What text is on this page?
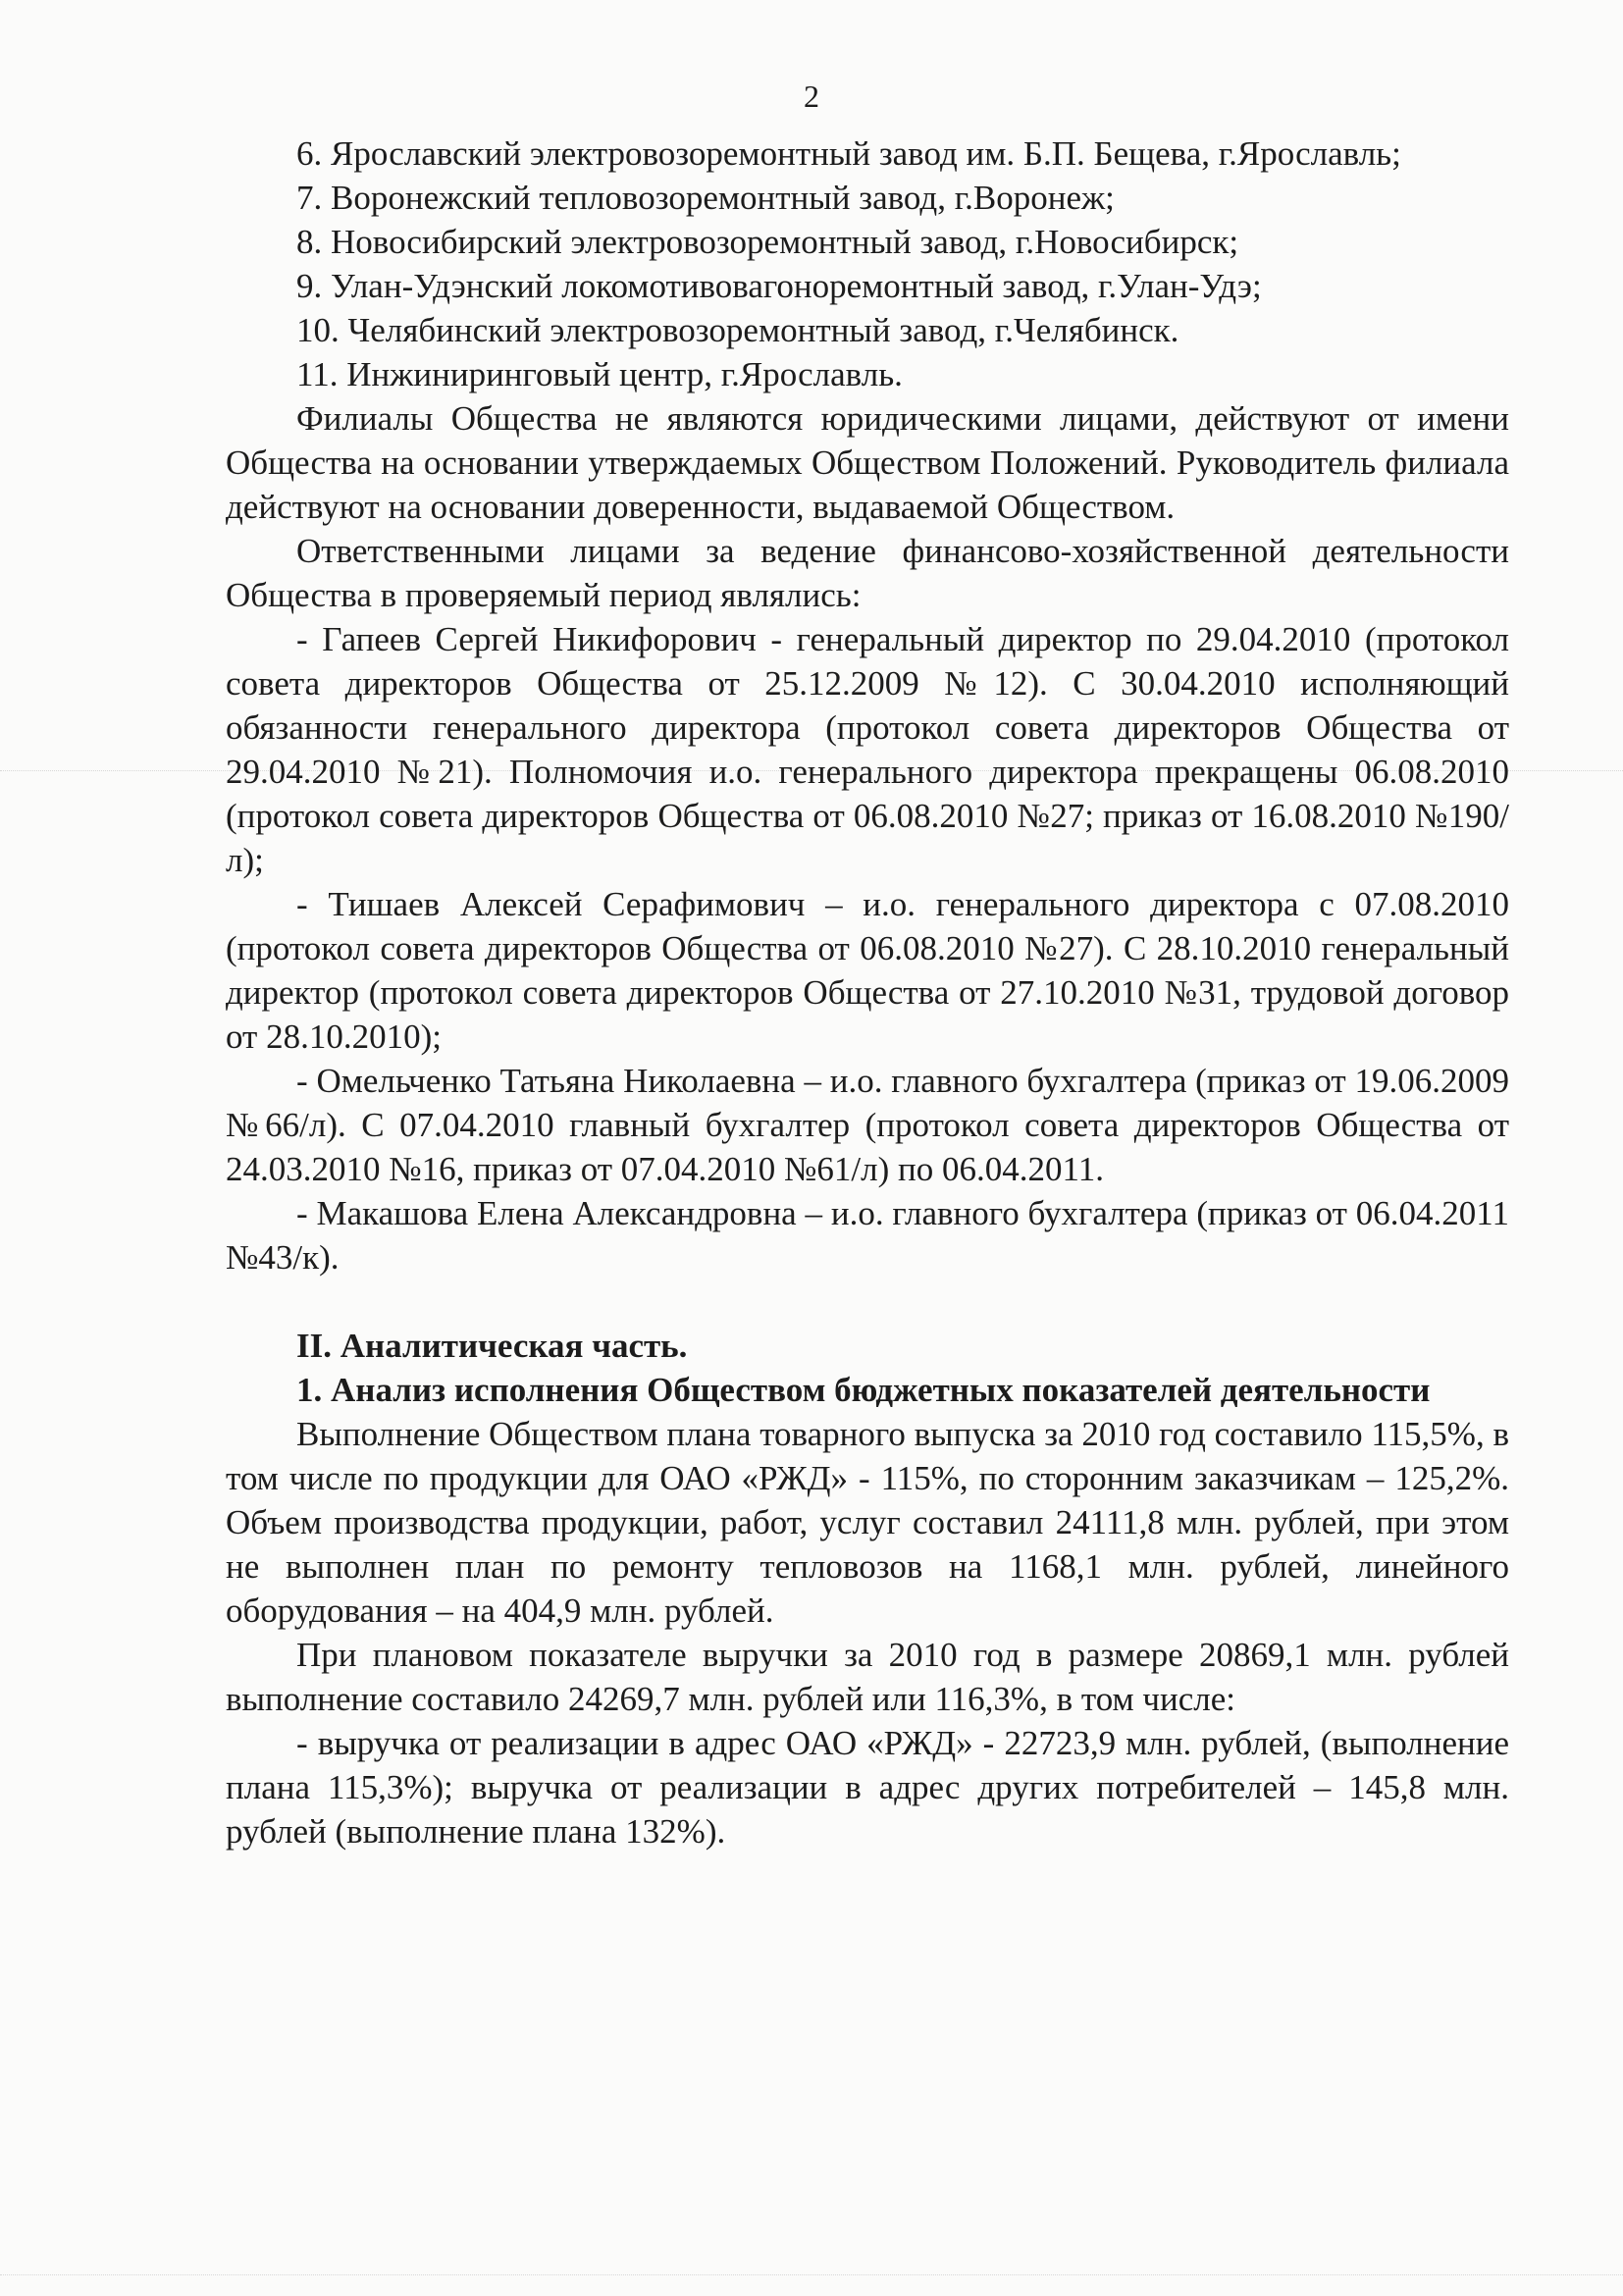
2

6. Ярославский электровозоремонтный завод им. Б.П. Бещева, г.Ярославль;

7. Воронежский тепловозоремонтный завод, г.Воронеж;

8. Новосибирский электровозоремонтный завод, г.Новосибирск;

9. Улан-Удэнский локомотивовагоноремонтный завод, г.Улан-Удэ;

10. Челябинский электровозоремонтный завод, г.Челябинск.

11. Инжиниринговый центр, г.Ярославль.

Филиалы Общества не являются юридическими лицами, действуют от имени Общества на основании утверждаемых Обществом Положений. Руководитель филиала действуют на основании доверенности, выдаваемой Обществом.

Ответственными лицами за ведение финансово-хозяйственной деятельности Общества в проверяемый период являлись:

- Гапеев Сергей Никифорович - генеральный директор по 29.04.2010 (протокол совета директоров Общества от 25.12.2009 №12). С 30.04.2010 исполняющий обязанности генерального директора (протокол совета директоров Общества от 29.04.2010 №21). Полномочия и.о. генерального директора прекращены 06.08.2010 (протокол совета директоров Общества от 06.08.2010 №27; приказ от 16.08.2010 №190/л);

- Тишаев Алексей Серафимович – и.о. генерального директора с 07.08.2010 (протокол совета директоров Общества от 06.08.2010 №27). С 28.10.2010 генеральный директор (протокол совета директоров Общества от 27.10.2010 №31, трудовой договор от 28.10.2010);

- Омельченко Татьяна Николаевна – и.о. главного бухгалтера (приказ от 19.06.2009 №66/л). С 07.04.2010 главный бухгалтер (протокол совета директоров Общества от 24.03.2010 №16, приказ от 07.04.2010 №61/л) по 06.04.2011.

- Макашова Елена Александровна – и.о. главного бухгалтера (приказ от 06.04.2011 №43/к).

II. Аналитическая часть.

1. Анализ исполнения Обществом бюджетных показателей деятельности

Выполнение Обществом плана товарного выпуска за 2010 год составило 115,5%, в том числе по продукции для ОАО «РЖД» - 115%, по сторонним заказчикам – 125,2%. Объем производства продукции, работ, услуг составил 24111,8 млн. рублей, при этом не выполнен план по ремонту тепловозов на 1168,1 млн. рублей, линейного оборудования – на 404,9 млн. рублей.

При плановом показателе выручки за 2010 год в размере 20869,1 млн. рублей выполнение составило 24269,7 млн. рублей или 116,3%, в том числе:

- выручка от реализации в адрес ОАО «РЖД» - 22723,9 млн. рублей, (выполнение плана 115,3%); выручка от реализации в адрес других потребителей – 145,8 млн. рублей (выполнение плана 132%).
